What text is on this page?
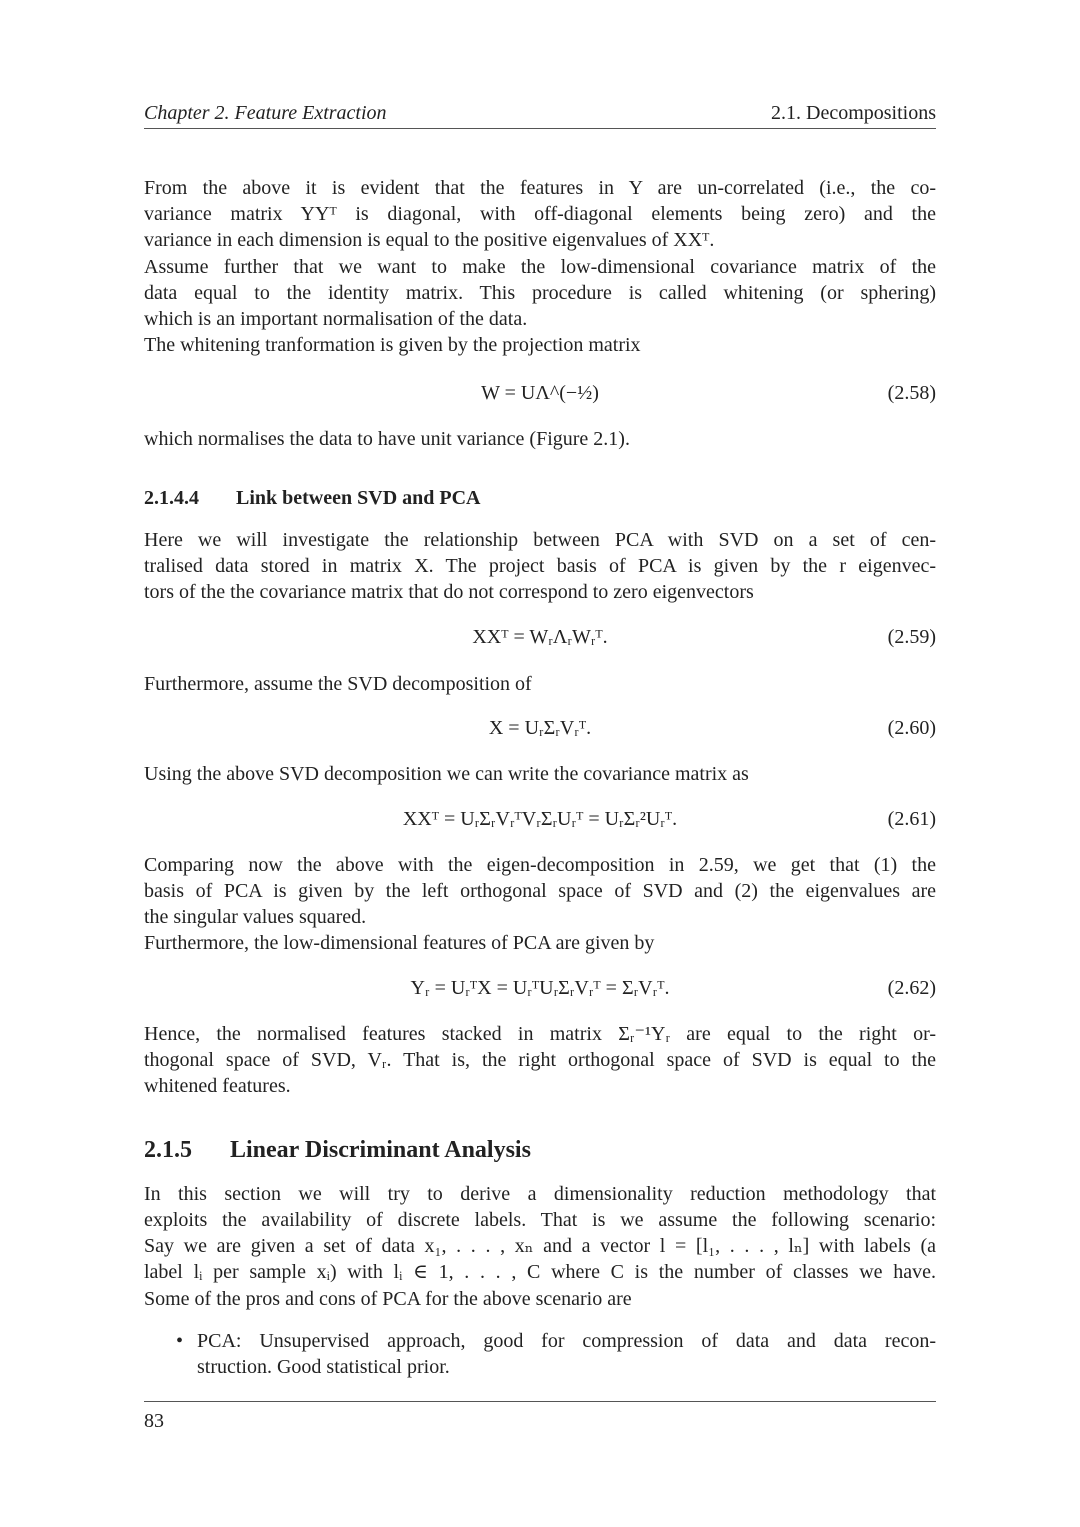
Chapter 2. Feature Extraction	2.1. Decompositions
From the above it is evident that the features in Y are un-correlated (i.e., the co-
variance matrix YYᵀ is diagonal, with off-diagonal elements being zero) and the
variance in each dimension is equal to the positive eigenvalues of XXᵀ.
Assume further that we want to make the low-dimensional covariance matrix of the
data equal to the identity matrix. This procedure is called whitening (or sphering)
which is an important normalisation of the data.
The whitening tranformation is given by the projection matrix
W = UΛ^(−½)	(2.58)
which normalises the data to have unit variance (Figure 2.1).
2.1.4.4 Link between SVD and PCA
Here we will investigate the relationship between PCA with SVD on a set of cen-
tralised data stored in matrix X. The project basis of PCA is given by the r eigenvec-
tors of the the covariance matrix that do not correspond to zero eigenvectors
XXᵀ = WᵣΛᵣWᵣᵀ.	(2.59)
Furthermore, assume the SVD decomposition of
X = UᵣΣᵣVᵣᵀ.	(2.60)
Using the above SVD decomposition we can write the covariance matrix as
XXᵀ = UᵣΣᵣVᵣᵀVᵣΣᵣUᵣᵀ = UᵣΣᵣ²Uᵣᵀ.	(2.61)
Comparing now the above with the eigen-decomposition in 2.59, we get that (1) the
basis of PCA is given by the left orthogonal space of SVD and (2) the eigenvalues are
the singular values squared.
Furthermore, the low-dimensional features of PCA are given by
Yᵣ = UᵣᵀX = UᵣᵀUᵣΣᵣVᵣᵀ = ΣᵣVᵣᵀ.	(2.62)
Hence, the normalised features stacked in matrix Σᵣ⁻¹Yᵣ are equal to the right or-
thogonal space of SVD, Vᵣ. That is, the right orthogonal space of SVD is equal to the
whitened features.
2.1.5 Linear Discriminant Analysis
In this section we will try to derive a dimensionality reduction methodology that
exploits the availability of discrete labels. That is we assume the following scenario:
Say we are given a set of data x₁, . . . , xₙ and a vector l = [l₁, . . . , lₙ] with labels (a
label lᵢ per sample xᵢ) with lᵢ ∈ 1, . . . , C where C is the number of classes we have.
Some of the pros and cons of PCA for the above scenario are
• PCA: Unsupervised approach, good for compression of data and data recon-
struction. Good statistical prior.
83
